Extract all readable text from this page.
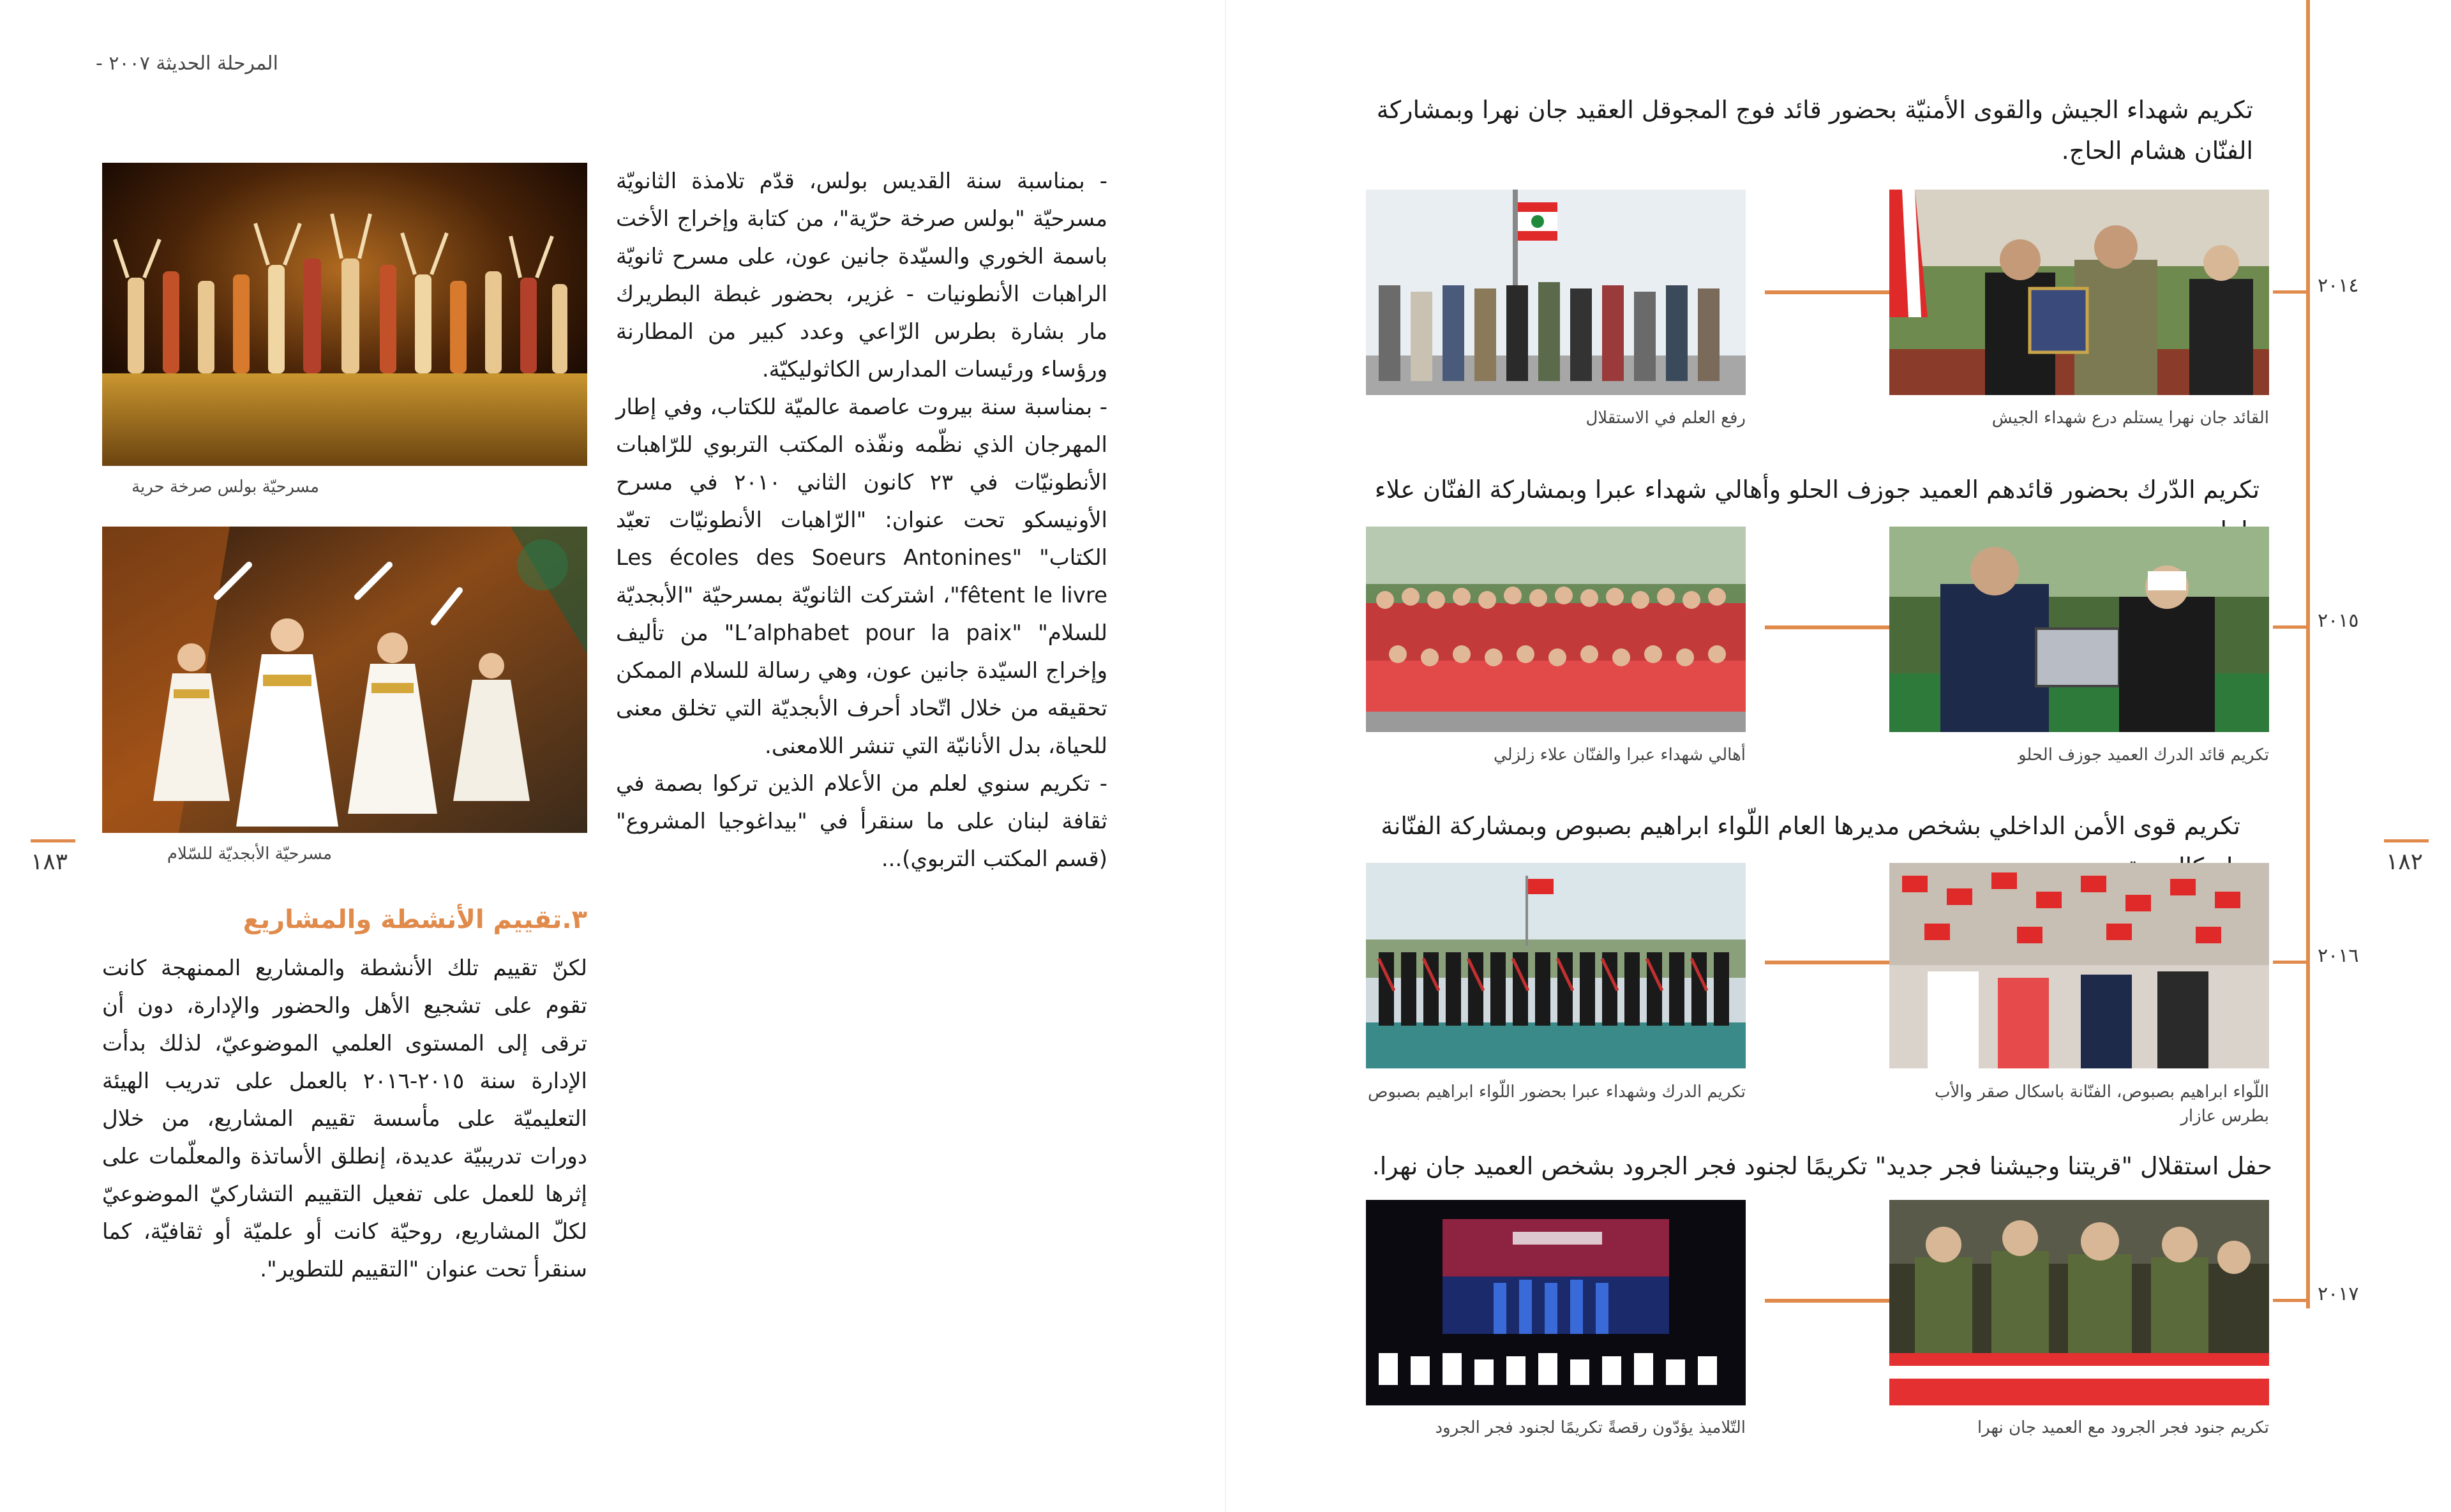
المرحلة الحديثة ٢٠٠٧ -

- بمناسبة سنة القديس بولس، قدّم تلامذة الثانويّة مسرحيّة "بولس صرخة حرّية"، من كتابة وإخراج الأخت باسمة الخوري والسيّدة جانين عون، على مسرح ثانويّة الراهبات الأنطونيات - غزير، بحضور غبطة البطريرك مار بشارة بطرس الرّاعي وعدد كبير من المطارنة ورؤساء ورئيسات المدارس الكاثوليكيّة.

- بمناسبة سنة بيروت عاصمة عالميّة للكتاب، وفي إطار المهرجان الذي نظّمه ونفّذه المكتب التربوي للرّاهبات الأنطونيّات في ٢٣ كانون الثاني ٢٠١٠ في مسرح الأونيسكو تحت عنوان: "الرّاهبات الأنطونيّات تعيّد الكتاب" "Les écoles des Soeurs Antonines fêtent le livre"، اشتركت الثانويّة بمسرحيّة "الأبجديّة للسلام" "L’alphabet pour la paix" من تأليف وإخراج السيّدة جانين عون، وهي رسالة للسلام الممكن تحقيقه من خلال اتّحاد أحرف الأبجديّة التي تخلق معنى للحياة، بدل الأنانيّة التي تنشر اللامعنى.

- تكريم سنوي لعلم من الأعلام الذين تركوا بصمة في ثقافة لبنان على ما سنقرأ في "بيداغوجيا المشروع"(قسم المكتب التربوي)...

مسرحيّة بولس صرخة حرية
مسرحيّة الأبجديّة للسّلام
١٨٣
٣.تقييم الأنشطة والمشاريع
لكنّ تقييم تلك الأنشطة والمشاريع الممنهجة كانت تقوم على تشجيع الأهل والحضور والإدارة، دون أن ترقى إلى المستوى العلمي الموضوعيّ، لذلك بدأت الإدارة سنة ٢٠١٥-٢٠١٦ بالعمل على تدريب الهيئة التعليميّة على مأسسة تقييم المشاريع، من خلال دورات تدريبيّة عديدة، إنطلق الأساتذة والمعلّمات على إثرها للعمل على تفعيل التقييم التشاركيّ الموضوعيّ لكلّ المشاريع، روحيّة كانت أو علميّة أو ثقافيّة، كما سنقرأ تحت عنوان "التقييم للتطوير".
١٨٢
تكريم شهداء الجيش والقوى الأمنيّة بحضور قائد فوج المجوقل العقيد جان نهرا وبمشاركة الفنّان هشام الحاج.
٢٠١٤
القائد جان نهرا يستلم درع شهداء الجيش
رفع العلم في الاستقلال
تكريم الدّرك بحضور قائدهم العميد جوزف الحلو وأهالي شهداء عبرا وبمشاركة الفنّان علاء
٢٠١٥
تكريم قائد الدرك العميد جوزف الحلو
أهالي شهداء عبرا والفنّان علاء زلزلي
تكريم قوى الأمن الداخلي بشخص مديرها العام اللّواء ابراهيم بصبوص وبمشاركة الفنّانة
٢٠١٦
اللّواء ابراهيم بصبوص، الفنّانة باسكال صقر والأب بطرس عازار
تكريم الدرك وشهداء عبرا بحضور اللّواء ابراهيم بصبوص
حفل استقلال "قريتنا وجيشنا فجر جديد" تكريمًا لجنود فجر الجرود بشخص العميد جان نهرا.
٢٠١٧
تكريم جنود فجر الجرود مع العميد جان نهرا
التّلاميذ يؤدّون رقصةً تكريمًا لجنود فجر الجرود
